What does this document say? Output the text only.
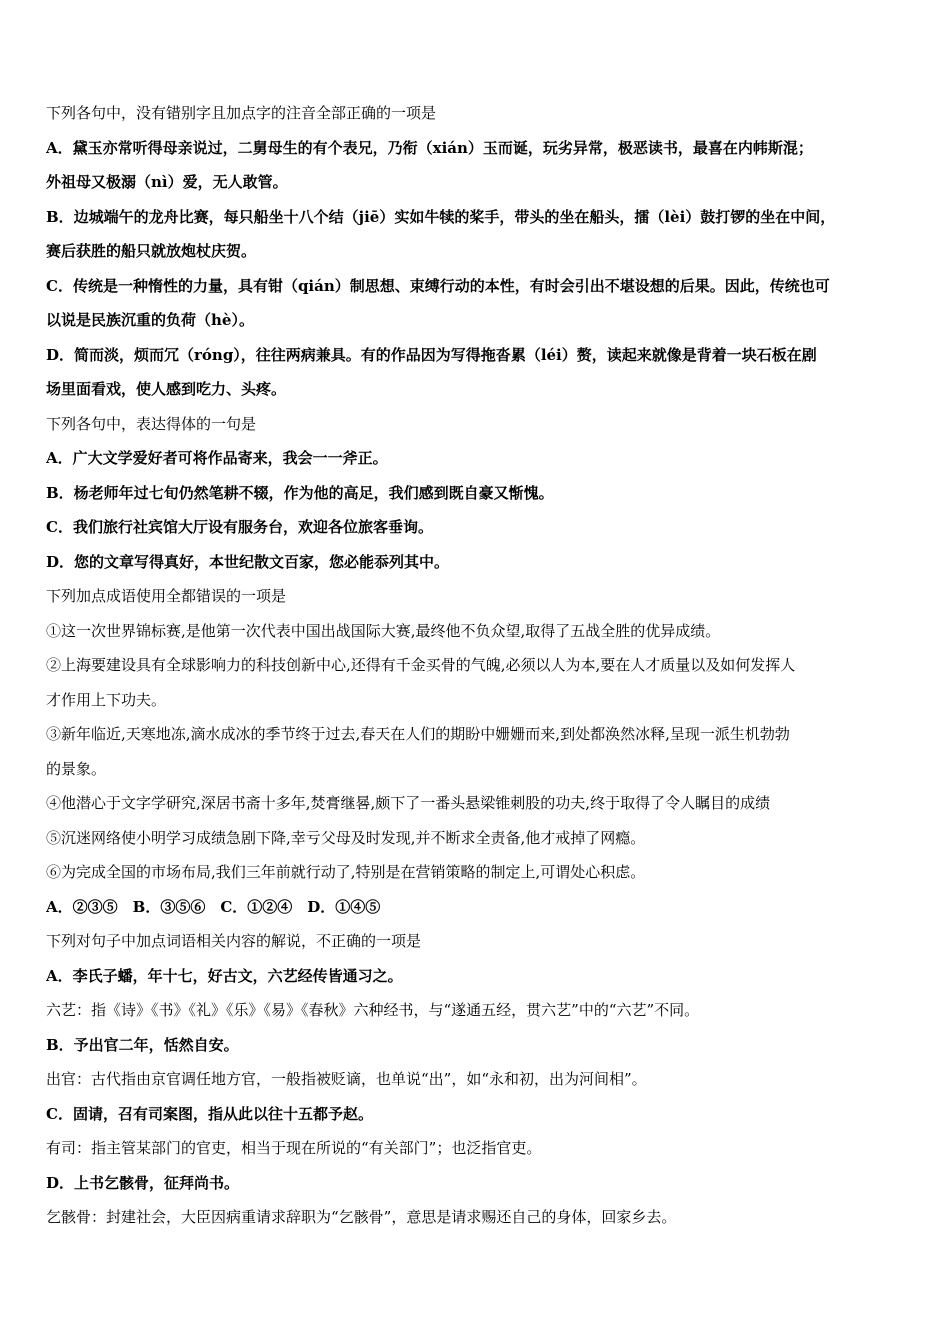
下列各句中，没有错别字且加点字的注音全部正确的一项是
A．黛玉亦常听得母亲说过，二舅母生的有个表兄，乃衔（xián）玉而诞，玩劣异常，极恶读书，最喜在内帏斯混；
外祖母又极溺（nì）爱，无人敢管。
B．边城端午的龙舟比赛，每只船坐十八个结（jiē）实如牛犊的桨手，带头的坐在船头，擂（lèi）鼓打锣的坐在中间，
赛后获胜的船只就放炮杖庆贺。
C．传统是一种惰性的力量，具有钳（qián）制思想、束缚行动的本性，有时会引出不堪设想的后果。因此，传统也可
以说是民族沉重的负荷（hè）。
D．简而淡，烦而冗（róng），往往两病兼具。有的作品因为写得拖沓累（léi）赘，读起来就像是背着一块石板在剧
场里面看戏，使人感到吃力、头疼。
下列各句中，表达得体的一句是
A．广大文学爱好者可将作品寄来，我会一一斧正。
B．杨老师年过七旬仍然笔耕不辍，作为他的高足，我们感到既自豪又惭愧。
C．我们旅行社宾馆大厅设有服务台，欢迎各位旅客垂询。
D．您的文章写得真好，本世纪散文百家，您必能忝列其中。
下列加点成语使用全都错误的一项是
①这一次世界锦标赛,是他第一次代表中国出战国际大赛,最终他不负众望,取得了五战全胜的优异成绩。
②上海要建设具有全球影响力的科技创新中心,还得有千金买骨的气魄,必须以人为本,要在人才质量以及如何发挥人
才作用上下功夫。
③新年临近,天寒地冻,滴水成冰的季节终于过去,春天在人们的期盼中姗姗而来,到处都涣然冰释,呈现一派生机勃勃
的景象。
④他潜心于文字学研究,深居书斋十多年,焚膏继晷,颇下了一番头悬梁锥刺股的功夫,终于取得了令人瞩目的成绩
⑤沉迷网络使小明学习成绩急剧下降,幸亏父母及时发现,并不断求全责备,他才戒掉了网瘾。
⑥为完成全国的市场布局,我们三年前就行动了,特别是在营销策略的制定上,可谓处心积虑。
A．②③⑤　B．③⑤⑥　C．①②④　D．①④⑤
下列对句子中加点词语相关内容的解说，不正确的一项是
A．李氏子蟠，年十七，好古文，六艺经传皆通习之。
六艺：指《诗》《书》《礼》《乐》《易》《春秋》六种经书，与“遂通五经，贯六艺”中的“六艺”不同。
B．予出官二年，恬然自安。
出官：古代指由京官调任地方官，一般指被贬谪，也单说“出”，如“永和初，出为河间相”。
C．固请，召有司案图，指从此以往十五都予赵。
有司：指主管某部门的官吏，相当于现在所说的“有关部门”；也泛指官吏。
D．上书乞骸骨，征拜尚书。
乞骸骨：封建社会，大臣因病重请求辞职为“乞骸骨”，意思是请求赐还自己的身体，回家乡去。
